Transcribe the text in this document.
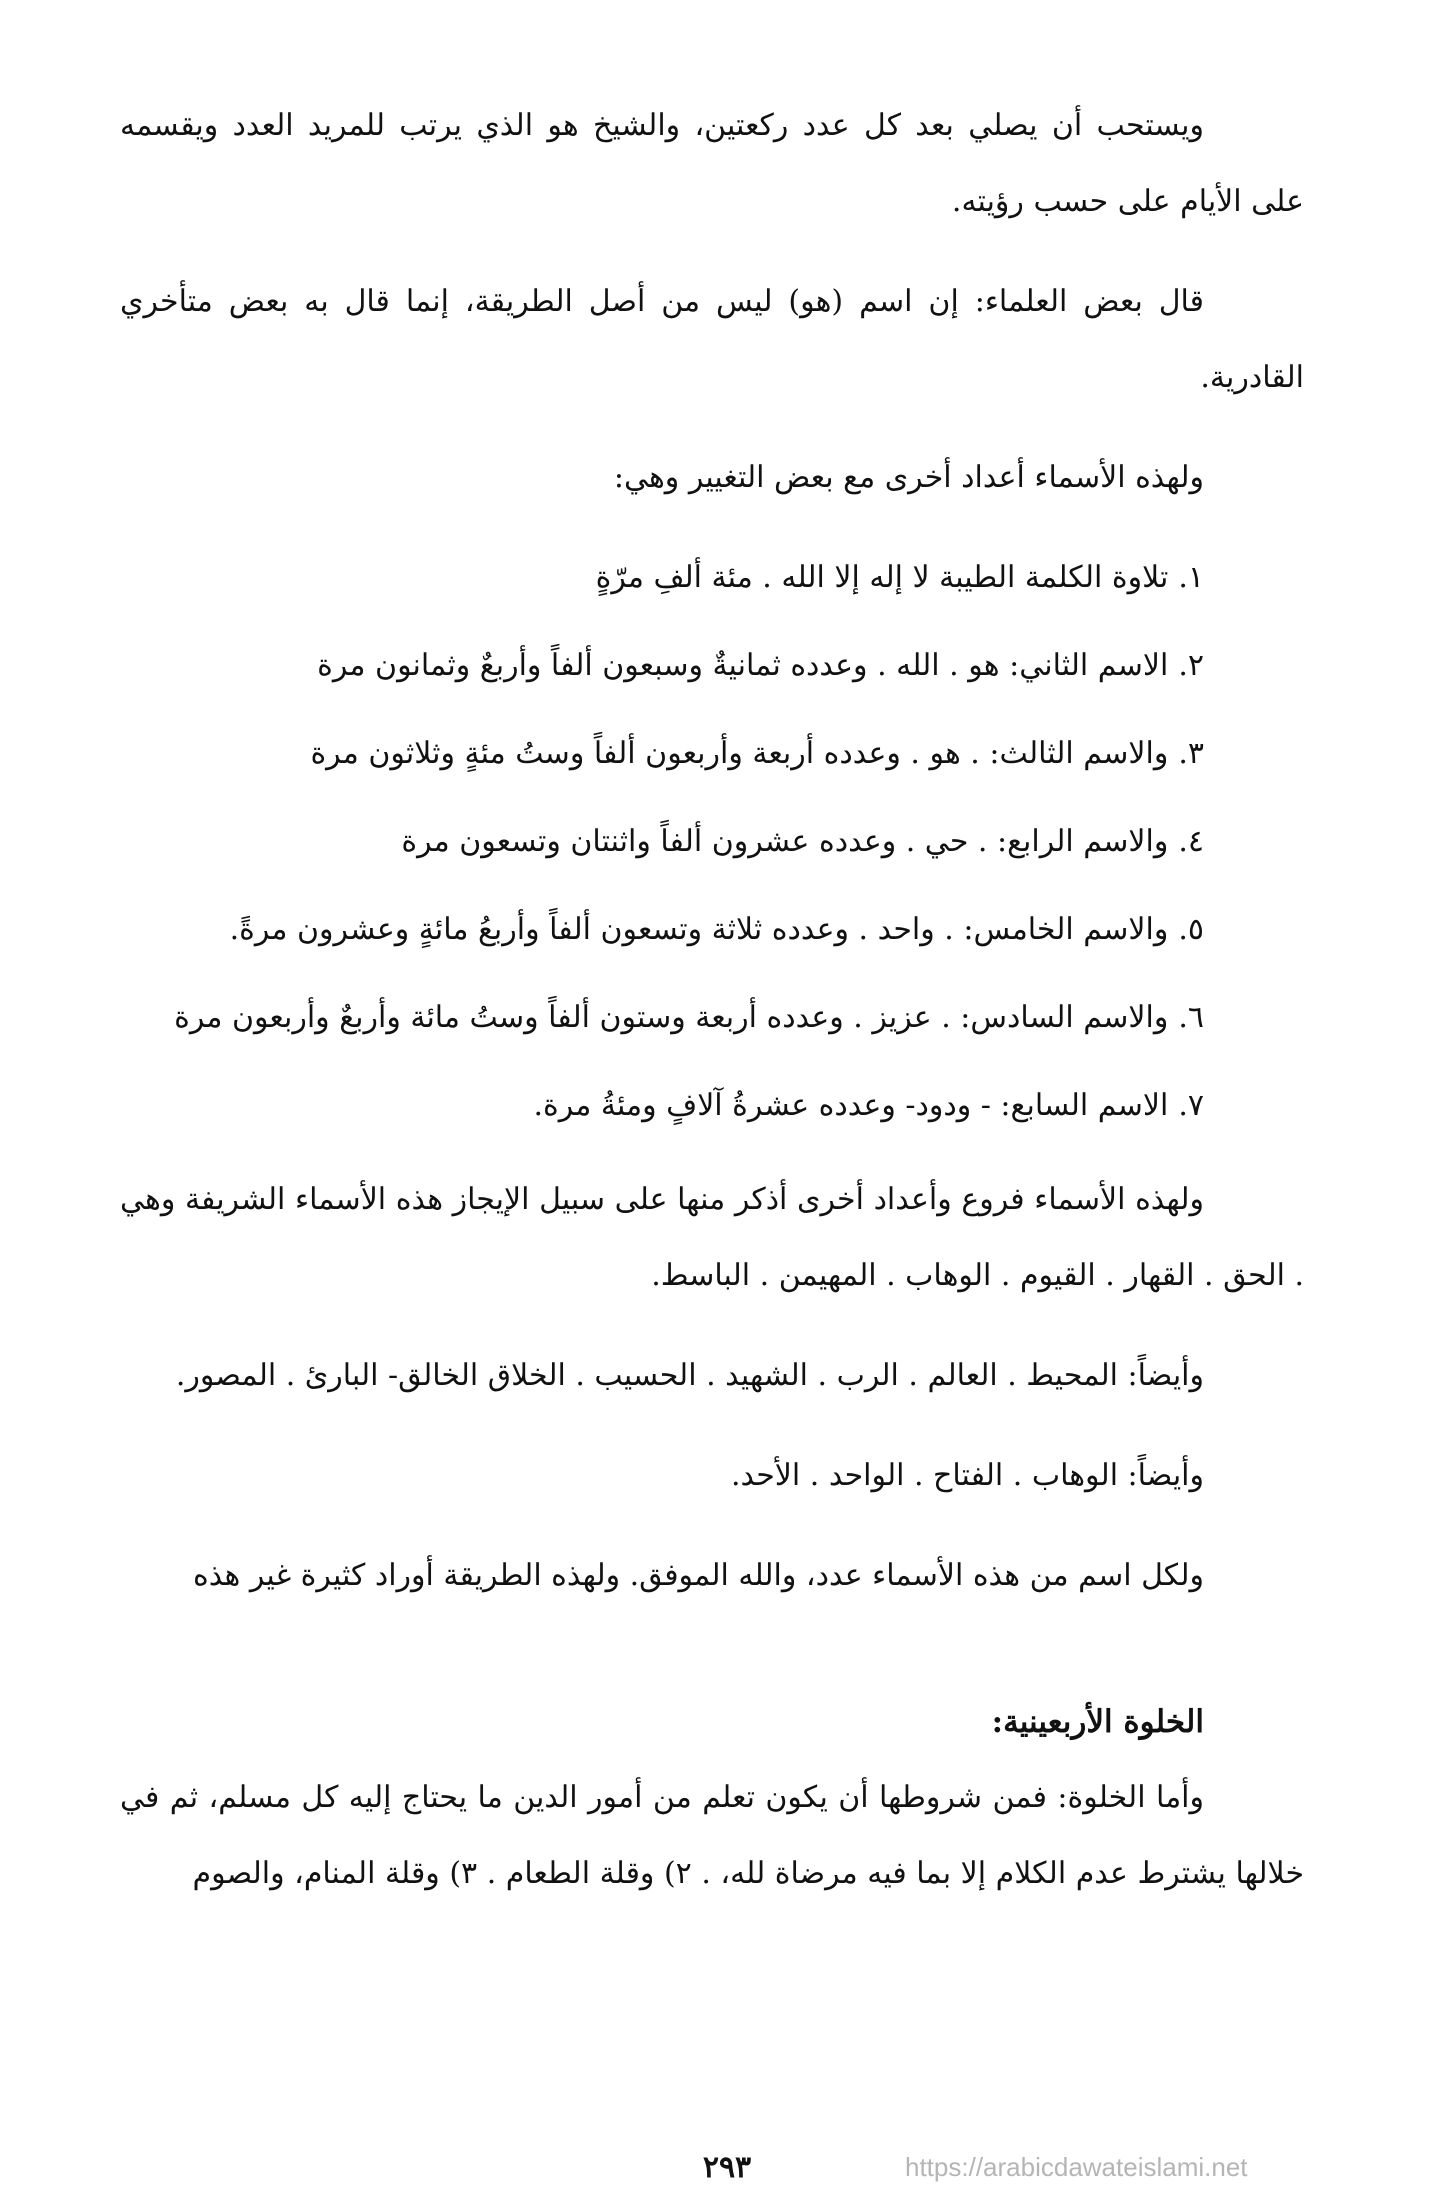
ويستحب أن يصلي بعد كل عدد ركعتين، والشيخ هو الذي يرتب للمريد العدد ويقسمه على الأيام على حسب رؤيته.

قال بعض العلماء: إن اسم (هو) ليس من أصل الطريقة، إنما قال به بعض متأخري القادرية.

ولهذه الأسماء أعداد أخرى مع بعض التغيير وهي:

١.تلاوة الكلمة الطيبة لا إله إلا الله . مئة ألفِ مرّةٍ
٢.الاسم الثاني: هو . الله . وعدده ثمانيةٌ وسبعون ألفاً وأربعٌ وثمانون مرة
٣.والاسم الثالث: . هو . وعدده أربعة وأربعون ألفاً وستُ مئةٍ وثلاثون مرة
٤.والاسم الرابع: . حي . وعدده عشرون ألفاً واثنتان وتسعون مرة
٥.والاسم الخامس: . واحد . وعدده ثلاثة وتسعون ألفاً وأربعُ مائةٍ وعشرون مرةً.
٦.والاسم السادس: . عزيز . وعدده أربعة وستون ألفاً وستُ مائة وأربعٌ وأربعون مرة
٧.الاسم السابع: - ودود- وعدده عشرةُ آلافٍ ومئةُ مرة.

ولهذه الأسماء فروع وأعداد أخرى أذكر منها على سبيل الإيجاز هذه الأسماء الشريفة وهي . الحق . القهار . القيوم . الوهاب . المهيمن . الباسط.

وأيضاً: المحيط . العالم . الرب . الشهيد . الحسيب . الخلاق الخالق- البارئ . المصور.

وأيضاً: الوهاب . الفتاح . الواحد . الأحد.

ولكل اسم من هذه الأسماء عدد، والله الموفق. ولهذه الطريقة أوراد كثيرة غير هذه

الخلوة الأربعينية:

وأما الخلوة: فمن شروطها أن يكون تعلم من أمور الدين ما يحتاج إليه كل مسلم، ثم في خلالها يشترط عدم الكلام إلا بما فيه مرضاة لله، . ٢) وقلة الطعام . ٣) وقلة المنام، والصوم

٢٩٣	https://arabicdawateislami.net
